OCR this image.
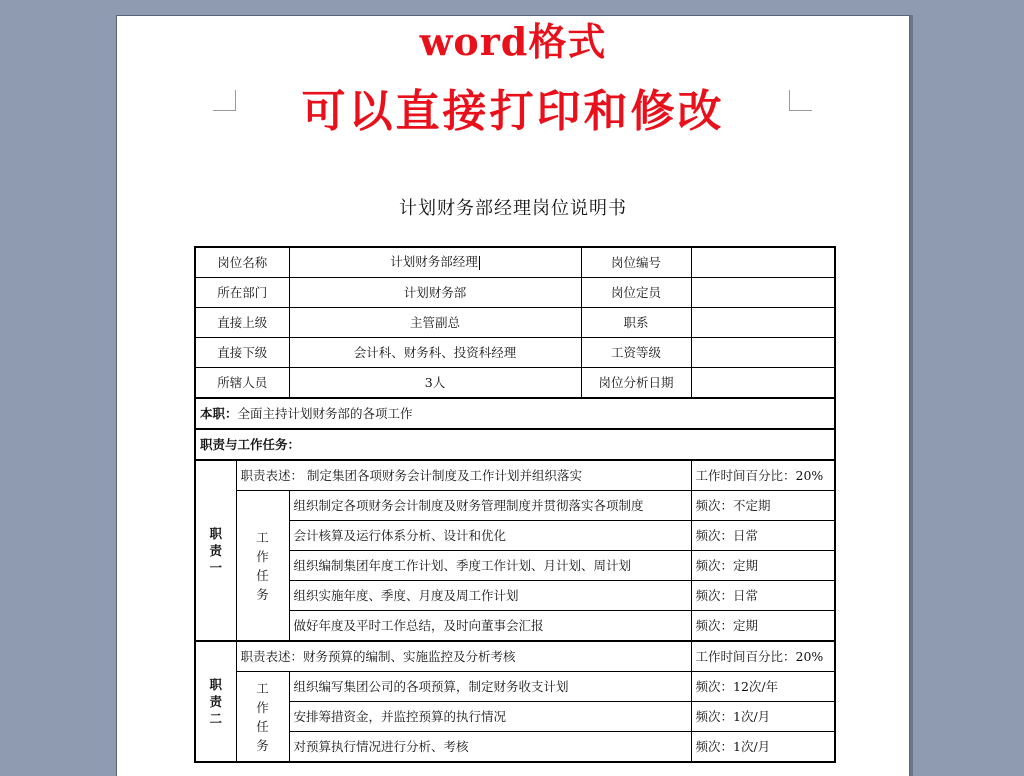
word格式
可以直接打印和修改
计划财务部经理岗位说明书
岗位名称		计划财务部经理	岗位编号	
所在部门		计划财务部	岗位定员	
直接上级		主管副总	职系	
直接下级		会计科、财务科、投资科经理	工资等级	
所辖人员		3人	岗位分析日期	
本职：全面主持计划财务部的各项工作				
职责与工作任务：				
职责一	职责表述： 制定集团各项财务会计制度及工作计划并组织落实			工作时间百分比：20%
	工作任务	组织制定各项财务会计制度及财务管理制度并贯彻落实各项制度		频次：不定期
		会计核算及运行体系分析、设计和优化		频次：日常
		组织编制集团年度工作计划、季度工作计划、月计划、周计划		频次：定期
		组织实施年度、季度、月度及周工作计划		频次：日常
		做好年度及平时工作总结，及时向董事会汇报		频次：定期
职责二	职责表述：财务预算的编制、实施监控及分析考核			工作时间百分比：20%
	工作任务	组织编写集团公司的各项预算，制定财务收支计划		频次：12次/年
		安排筹措资金，并监控预算的执行情况		频次：1次/月
		对预算执行情况进行分析、考核		频次：1次/月
